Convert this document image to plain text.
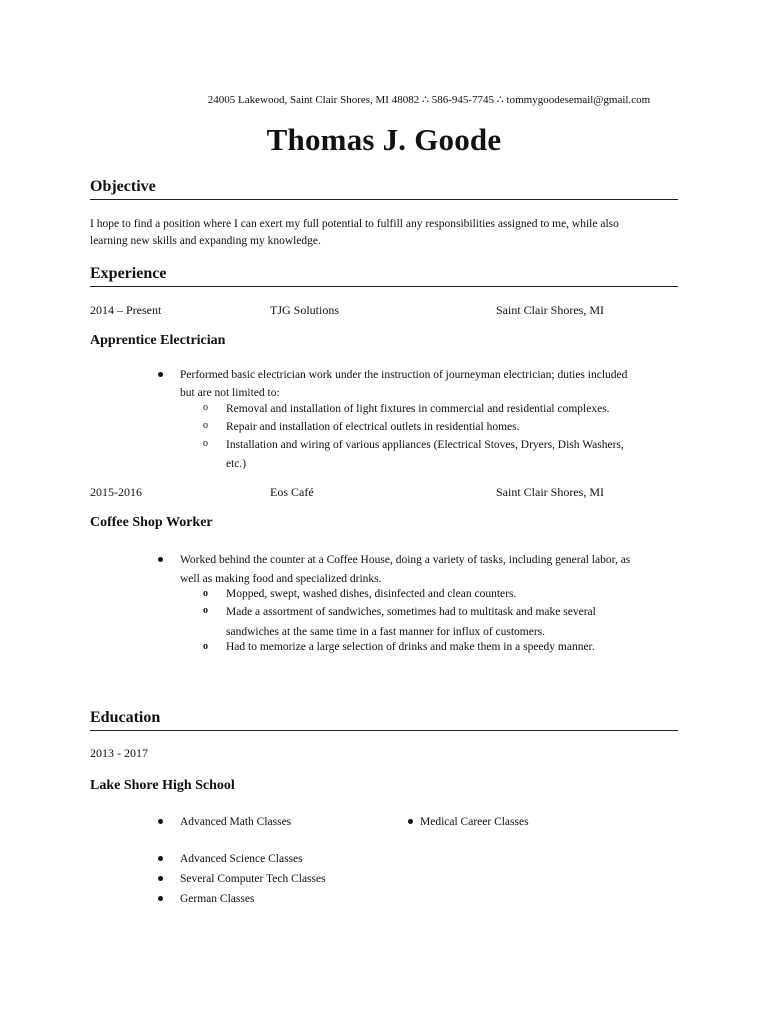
24005 Lakewood, Saint Clair Shores, MI 48082 ∴ 586-945-7745 ∴ tommygoodesemail@gmail.com
Thomas J. Goode
Objective
I hope to find a position where I can exert my full potential to fulfill any responsibilities assigned to me, while also
learning new skills and expanding my knowledge.
Experience
2014 – Present	TJG Solutions	Saint Clair Shores, MI
Apprentice Electrician
Performed basic electrician work under the instruction of journeyman electrician; duties included
but are not limited to:
o Removal and installation of light fixtures in commercial and residential complexes.
o Repair and installation of electrical outlets in residential homes.
o Installation and wiring of various appliances (Electrical Stoves, Dryers, Dish Washers,
etc.)
2015-2016	Eos Café	Saint Clair Shores, MI
Coffee Shop Worker
Worked behind the counter at a Coffee House, doing a variety of tasks, including general labor, as
well as making food and specialized drinks.
o Mopped, swept, washed dishes, disinfected and clean counters.
o Made a assortment of sandwiches, sometimes had to multitask and make several
sandwiches at the same time in a fast manner for influx of customers.
o Had to memorize a large selection of drinks and make them in a speedy manner.
Education
2013 - 2017
Lake Shore High School
Advanced Math Classes	Medical Career Classes
Advanced Science Classes
Several Computer Tech Classes
German Classes
